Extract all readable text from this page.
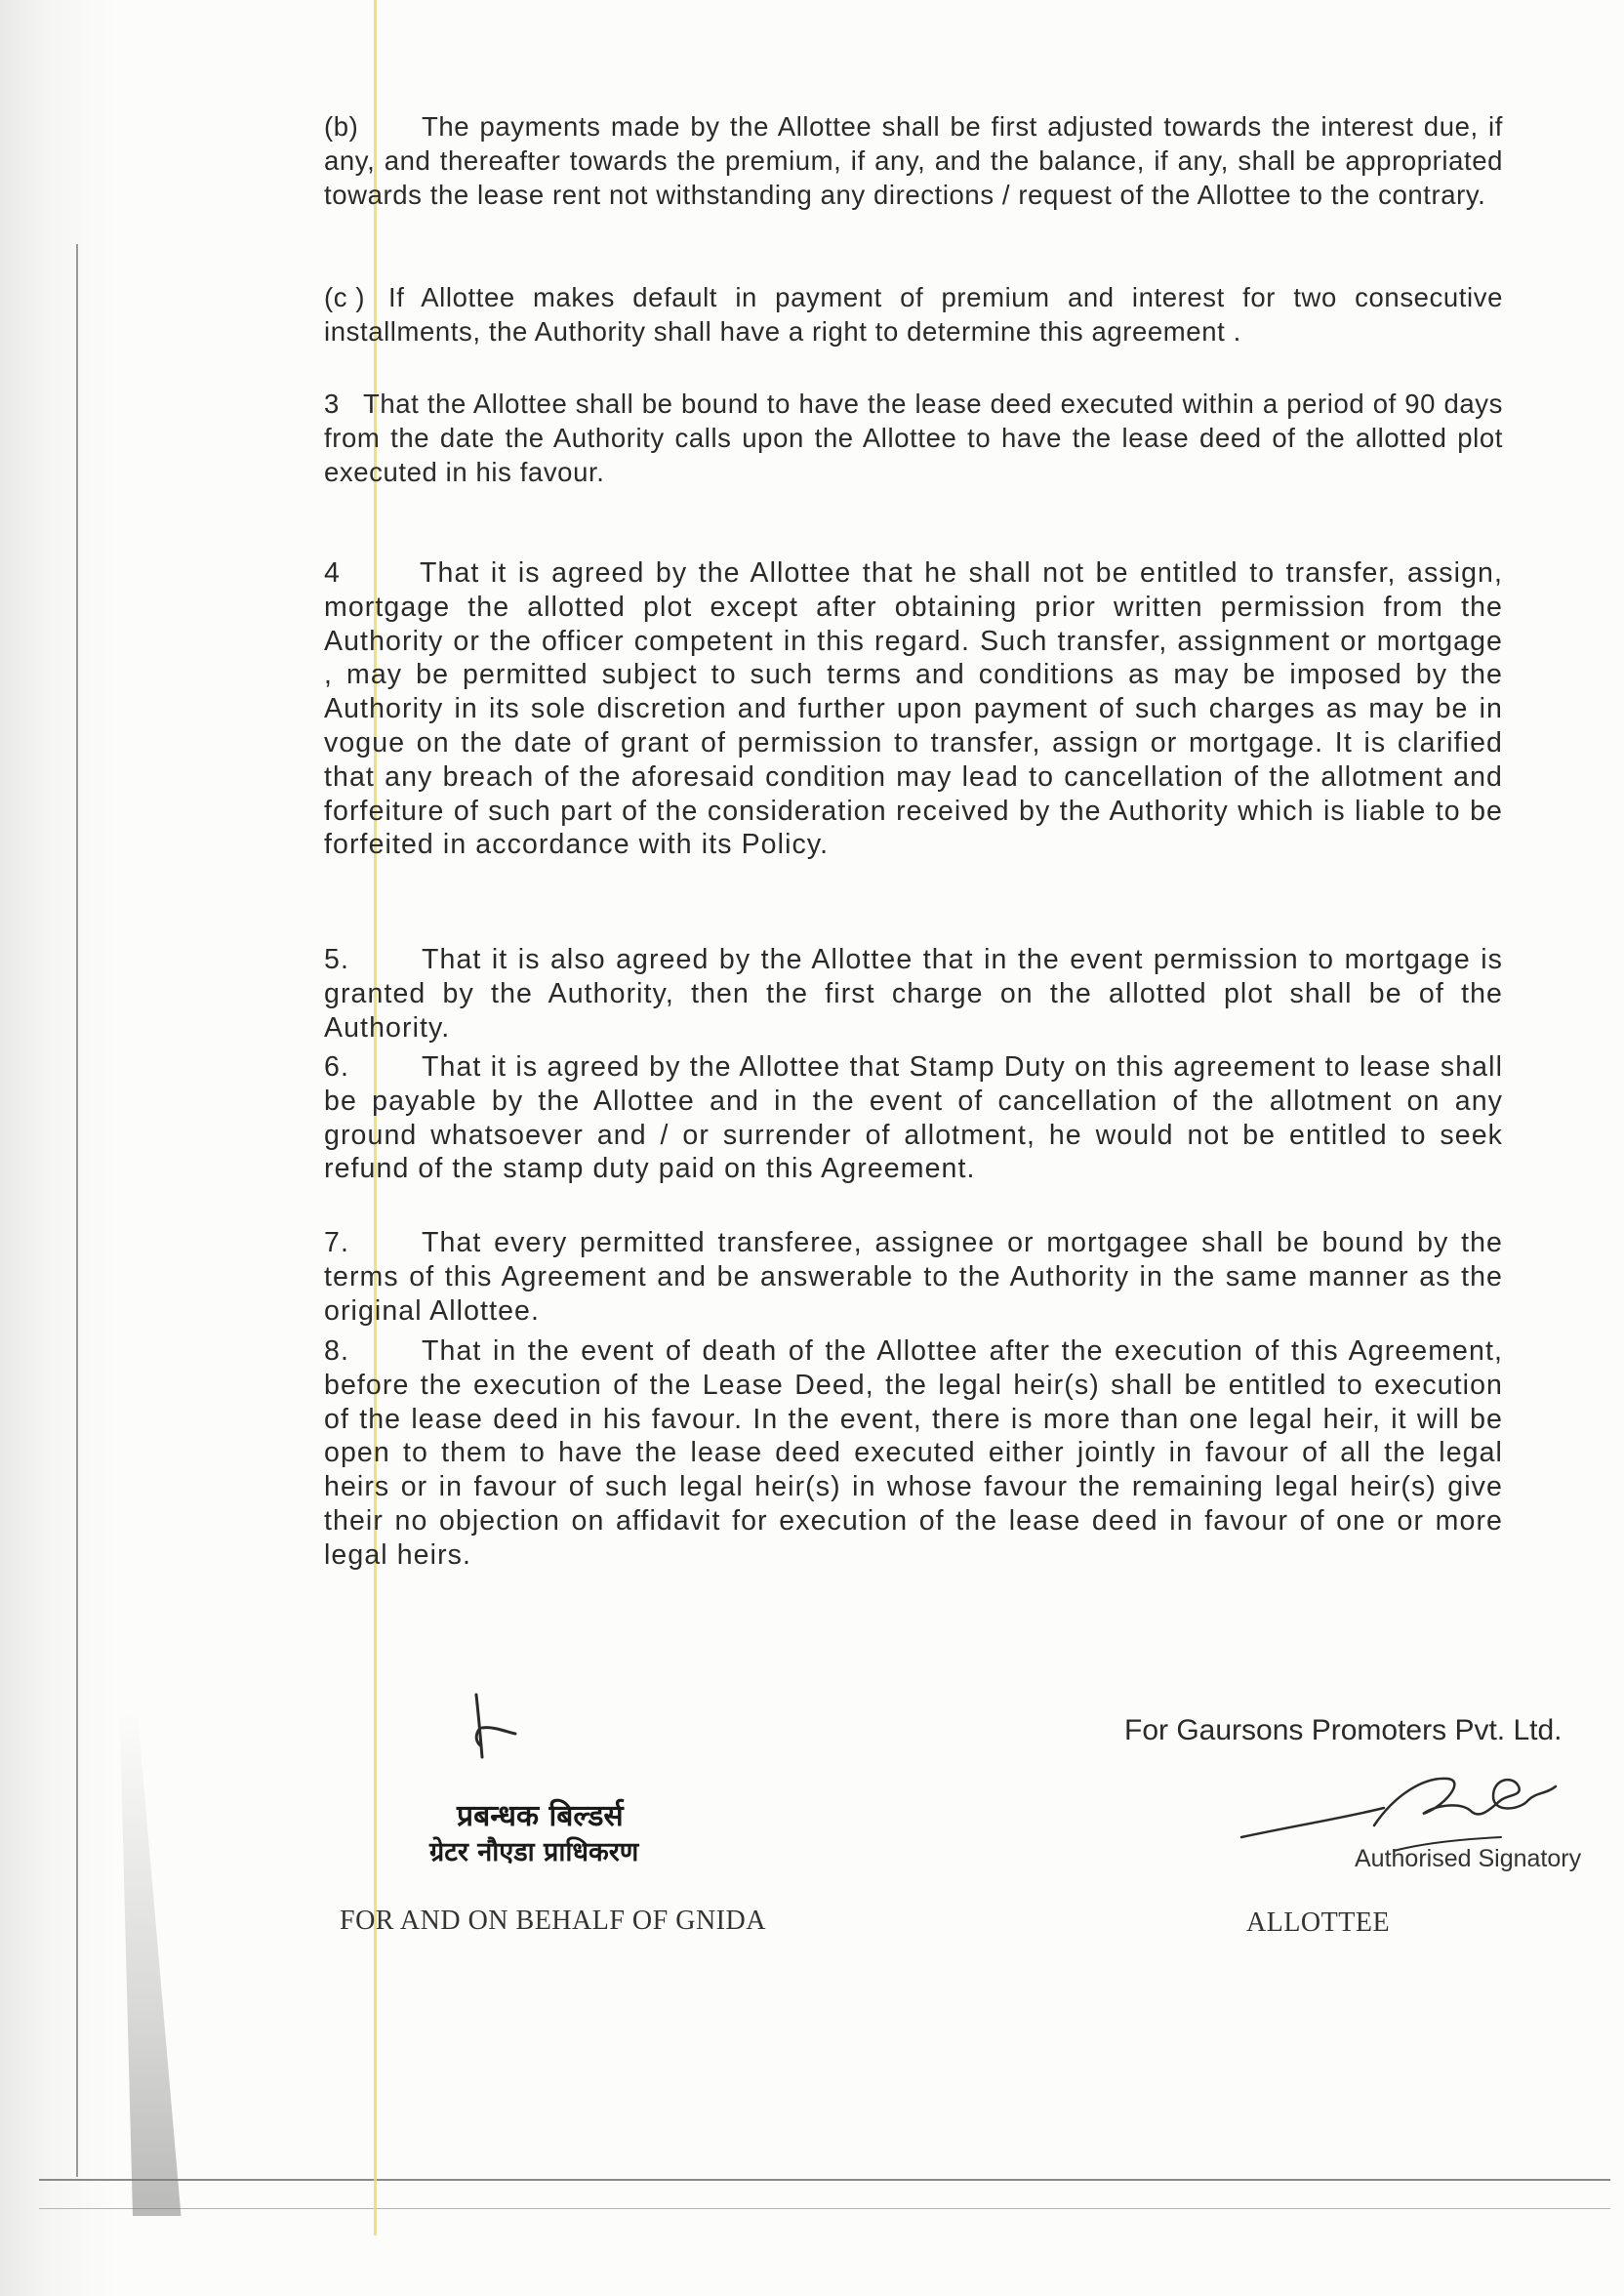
(b) The payments made by the Allottee shall be first adjusted towards the interest due, if any, and thereafter towards the premium, if any, and the balance, if any, shall be appropriated towards the lease rent not withstanding any directions / request of the Allottee to the contrary.
(c ) If Allottee makes default in payment of premium and interest for two consecutive installments, the Authority shall have a right to determine this agreement .
3 That the Allottee shall be bound to have the lease deed executed within a period of 90 days from the date the Authority calls upon the Allottee to have the lease deed of the allotted plot executed in his favour.
4	That it is agreed by the Allottee that he shall not be entitled to transfer, assign, mortgage the allotted plot except after obtaining prior written permission from the Authority or the officer competent in this regard. Such transfer, assignment or mortgage , may be permitted subject to such terms and conditions as may be imposed by the Authority in its sole discretion and further upon payment of such charges as may be in vogue on the date of grant of permission to transfer, assign or mortgage. It is clarified that any breach of the aforesaid condition may lead to cancellation of the allotment and forfeiture of such part of the consideration received by the Authority which is liable to be forfeited in accordance with its Policy.
5.	That it is also agreed by the Allottee that in the event permission to mortgage is granted by the Authority, then the first charge on the allotted plot shall be of the Authority.
6.	That it is agreed by the Allottee that Stamp Duty on this agreement to lease shall be payable by the Allottee and in the event of cancellation of the allotment on any ground whatsoever and / or surrender of allotment, he would not be entitled to seek refund of the stamp duty paid on this Agreement.
7.	That every permitted transferee, assignee or mortgagee shall be bound by the terms of this Agreement and be answerable to the Authority in the same manner as the original Allottee.
8.	That in the event of death of the Allottee after the execution of this Agreement, before the execution of the Lease Deed, the legal heir(s) shall be entitled to execution of the lease deed in his favour. In the event, there is more than one legal heir, it will be open to them to have the lease deed executed either jointly in favour of all the legal heirs or in favour of such legal heir(s) in whose favour the remaining legal heir(s) give their no objection on affidavit for execution of the lease deed in favour of one or more legal heirs.
प्रबन्धक बिल्डर्स
ग्रेटर नौएडा प्राधिकरण
FOR AND ON BEHALF OF GNIDA
For Gaursons Promoters Pvt. Ltd.
Authorised Signatory
ALLOTTEE
